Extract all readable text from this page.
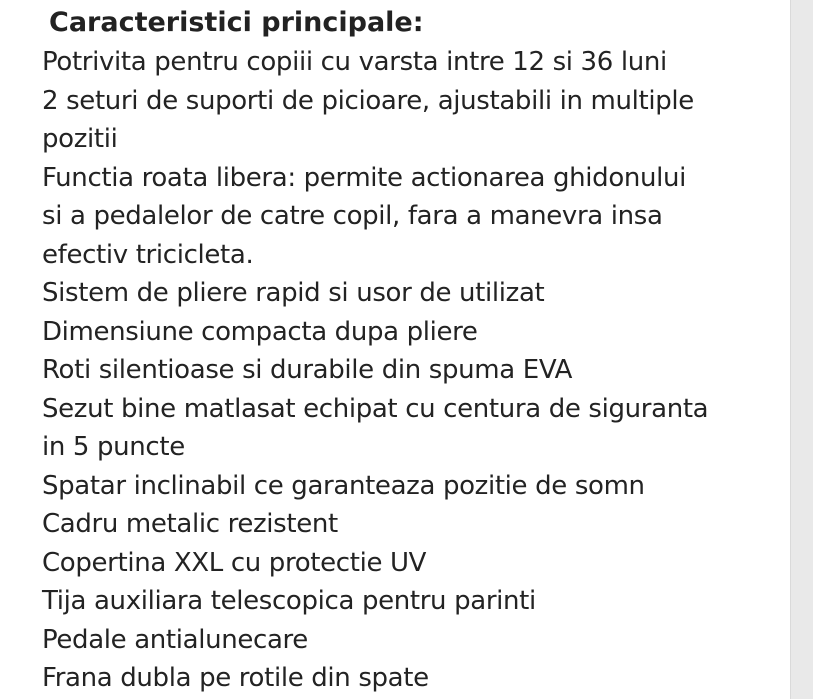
Caracteristici principale:
Potrivita pentru copiii cu varsta intre 12 si 36 luni
2 seturi de suporti de picioare, ajustabili in multiple
pozitii
Functia roata libera: permite actionarea ghidonului
si a pedalelor de catre copil, fara a manevra insa
efectiv tricicleta.
Sistem de pliere rapid si usor de utilizat
Dimensiune compacta dupa pliere
Roti silentioase si durabile din spuma EVA
Sezut bine matlasat echipat cu centura de siguranta
in 5 puncte
Spatar inclinabil ce garanteaza pozitie de somn
Cadru metalic rezistent
Copertina XXL cu protectie UV
Tija auxiliara telescopica pentru parinti
Pedale antialunecare
Frana dubla pe rotile din spate
